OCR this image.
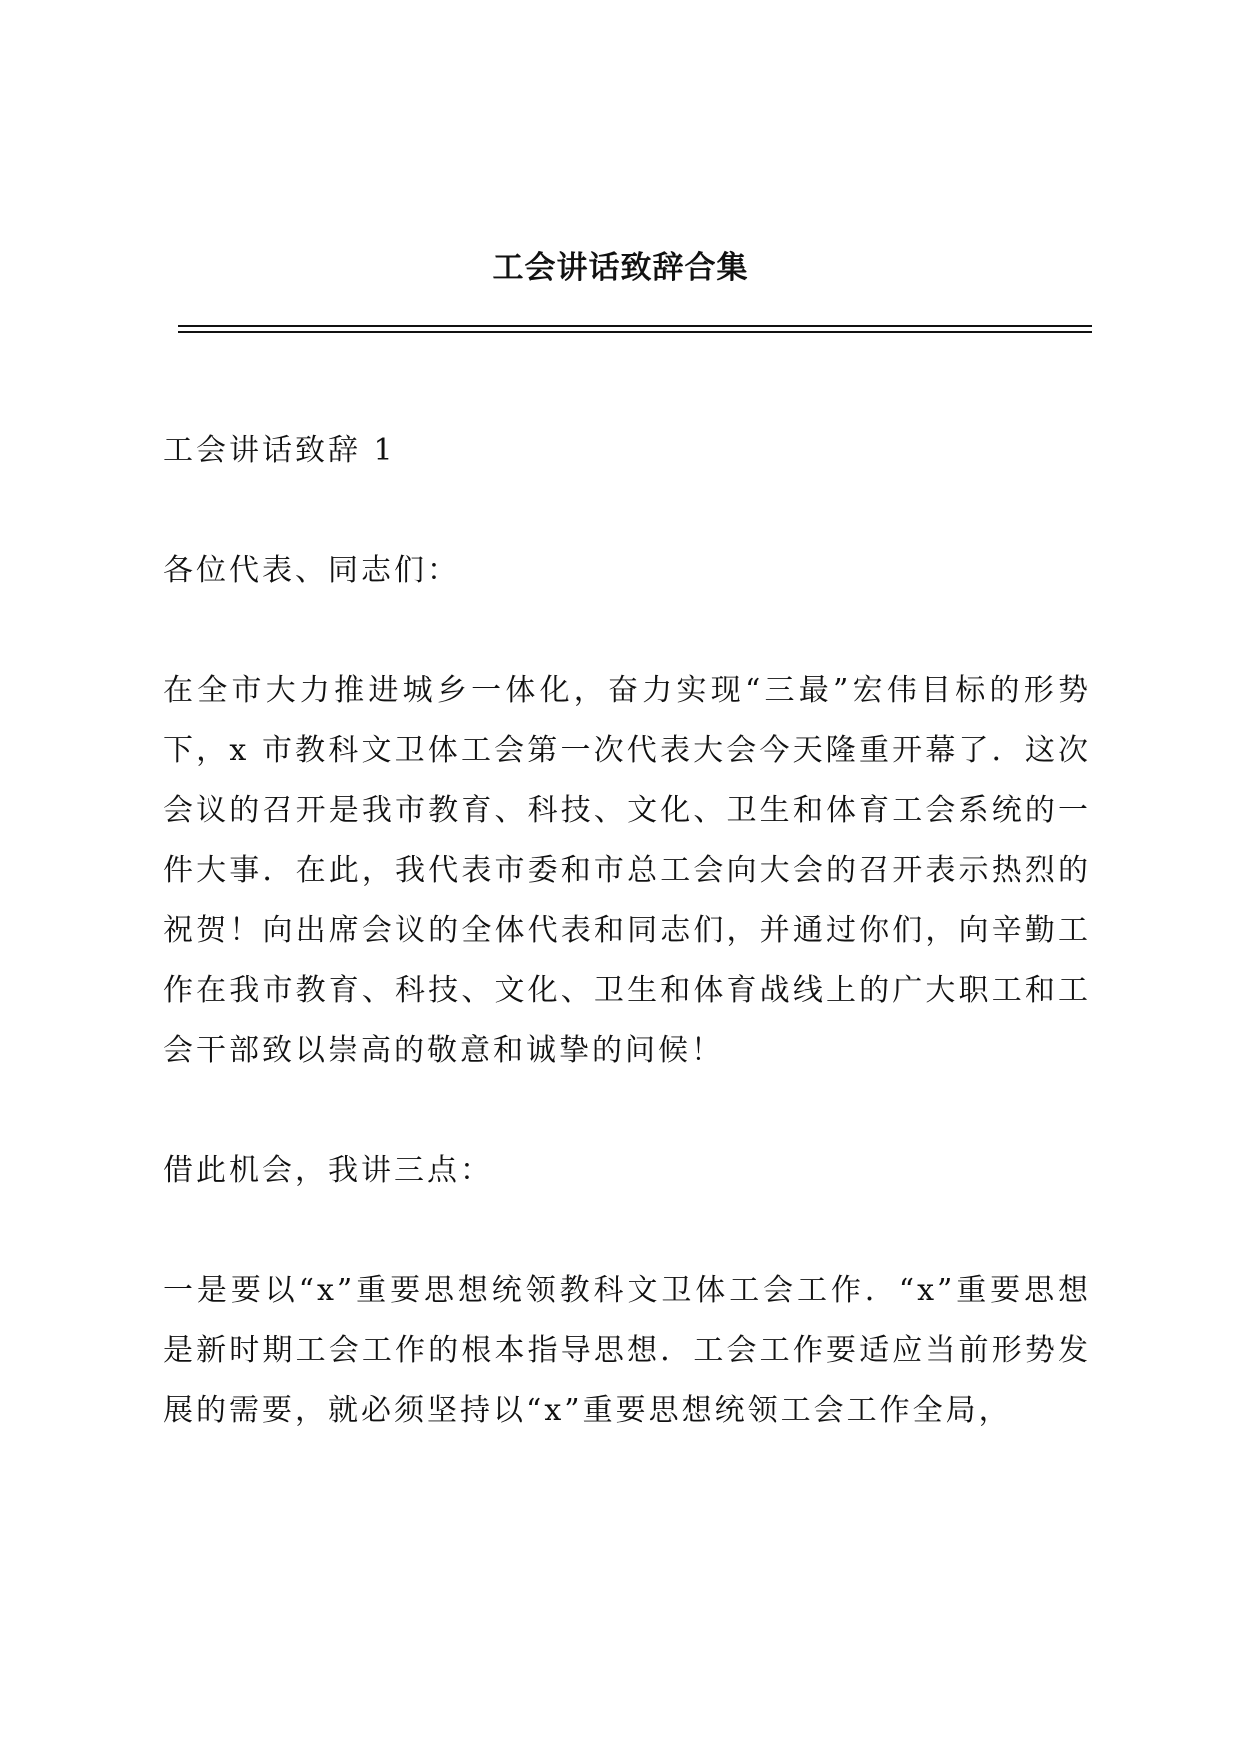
工会讲话致辞合集

工会讲话致辞 1

各位代表、同志们：

在全市大力推进城乡一体化，奋力实现“三最”宏伟目标的形势下，x 市教科文卫体工会第一次代表大会今天隆重开幕了．这次会议的召开是我市教育、科技、文化、卫生和体育工会系统的一件大事．在此，我代表市委和市总工会向大会的召开表示热烈的祝贺！向出席会议的全体代表和同志们，并通过你们，向辛勤工作在我市教育、科技、文化、卫生和体育战线上的广大职工和工会干部致以崇高的敬意和诚挚的问候！

借此机会，我讲三点：

一是要以“x”重要思想统领教科文卫体工会工作．“x”重要思想是新时期工会工作的根本指导思想．工会工作要适应当前形势发展的需要，就必须坚持以“x”重要思想统领工会工作全局，
